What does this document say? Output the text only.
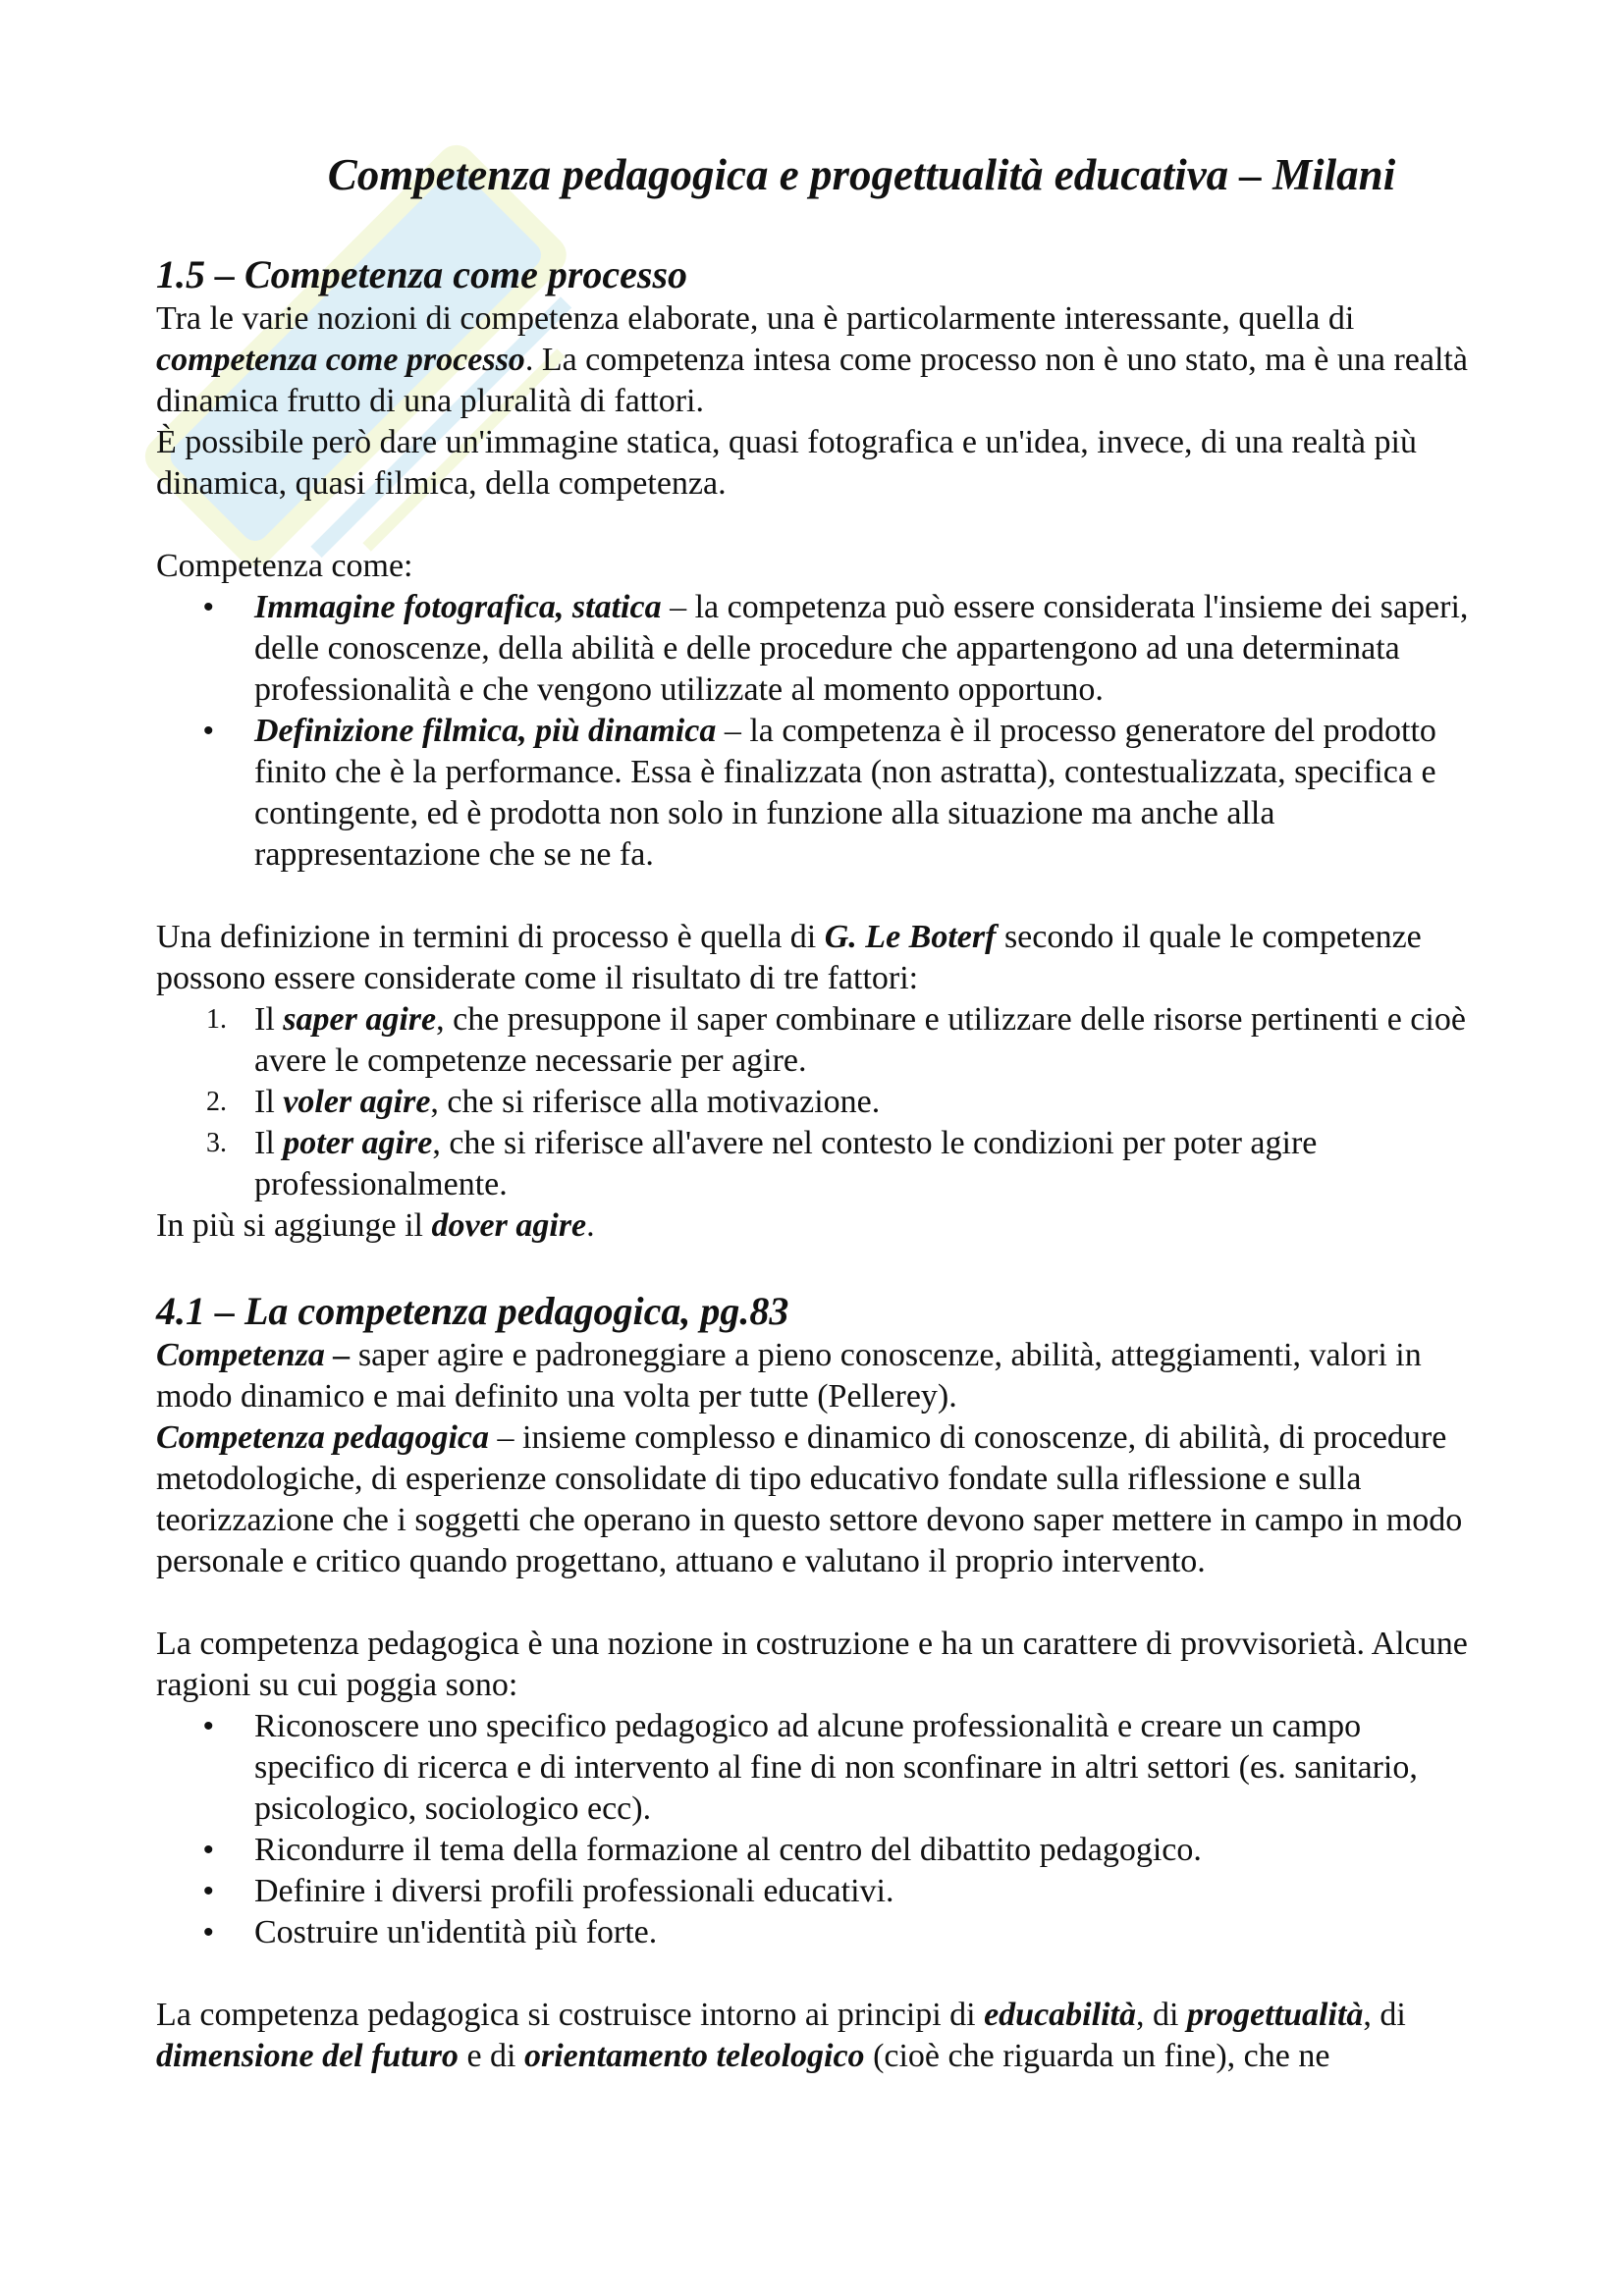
Competenza pedagogica e progettualità educativa – Milani
1.5 – Competenza come processo

Tra le varie nozioni di competenza elaborate, una è particolarmente interessante, quella di competenza come processo. La competenza intesa come processo non è uno stato, ma è una realtà dinamica frutto di una pluralità di fattori.

È possibile però dare un'immagine statica, quasi fotografica e un'idea, invece, di una realtà più dinamica, quasi filmica, della competenza.

Competenza come:

• Immagine fotografica, statica – la competenza può essere considerata l'insieme dei saperi, delle conoscenze, della abilità e delle procedure che appartengono ad una determinata professionalità e che vengono utilizzate al momento opportuno.
• Definizione filmica, più dinamica – la competenza è il processo generatore del prodotto finito che è la performance. Essa è finalizzata (non astratta), contestualizzata, specifica e contingente, ed è prodotta non solo in funzione alla situazione ma anche alla rappresentazione che se ne fa.

Una definizione in termini di processo è quella di G. Le Boterf secondo il quale le competenze possono essere considerate come il risultato di tre fattori:

1. Il saper agire, che presuppone il saper combinare e utilizzare delle risorse pertinenti e cioè avere le competenze necessarie per agire.
2. Il voler agire, che si riferisce alla motivazione.
3. Il poter agire, che si riferisce all'avere nel contesto le condizioni per poter agire professionalmente.

In più si aggiunge il dover agire.

4.1 – La competenza pedagogica, pg.83

Competenza – saper agire e padroneggiare a pieno conoscenze, abilità, atteggiamenti, valori in modo dinamico e mai definito una volta per tutte (Pellerey).

Competenza pedagogica – insieme complesso e dinamico di conoscenze, di abilità, di procedure metodologiche, di esperienze consolidate di tipo educativo fondate sulla riflessione e sulla teorizzazione che i soggetti che operano in questo settore devono saper mettere in campo in modo personale e critico quando progettano, attuano e valutano il proprio intervento.

La competenza pedagogica è una nozione in costruzione e ha un carattere di provvisorietà. Alcune ragioni su cui poggia sono:

• Riconoscere uno specifico pedagogico ad alcune professionalità e creare un campo specifico di ricerca e di intervento al fine di non sconfinare in altri settori (es. sanitario, psicologico, sociologico ecc).
• Ricondurre il tema della formazione al centro del dibattito pedagogico.
• Definire i diversi profili professionali educativi.
• Costruire un'identità più forte.

La competenza pedagogica si costruisce intorno ai principi di educabilità, di progettualità, di dimensione del futuro e di orientamento teleologico (cioè che riguarda un fine), che ne
